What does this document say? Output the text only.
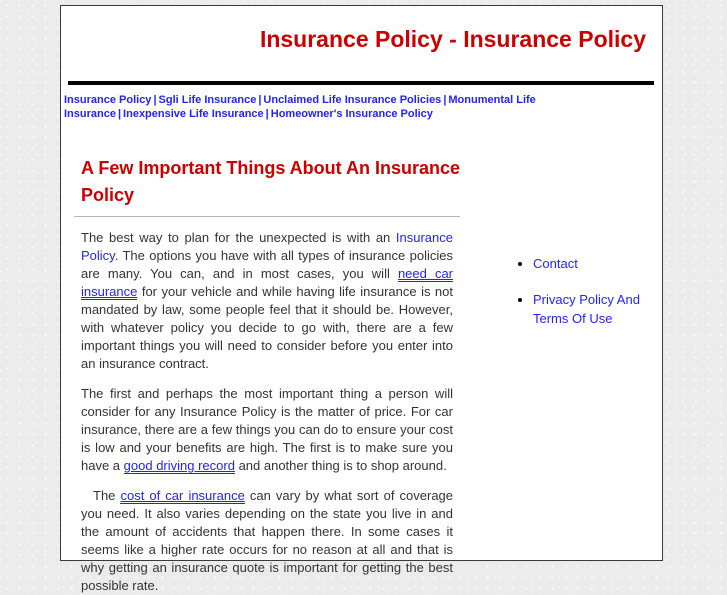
Insurance Policy - Insurance Policy
Insurance Policy | Sgli Life Insurance | Unclaimed Life Insurance Policies | Monumental Life Insurance | Inexpensive Life Insurance | Homeowner's Insurance Policy
A Few Important Things About An Insurance Policy

The best way to plan for the unexpected is with an Insurance Policy. The options you have with all types of insurance policies are many. You can, and in most cases, you will need car insurance for your vehicle and while having life insurance is not mandated by law, some people feel that it should be. However, with whatever policy you decide to go with, there are a few important things you will need to consider before you enter into an insurance contract.

The first and perhaps the most important thing a person will consider for any Insurance Policy is the matter of price. For car insurance, there are a few things you can do to ensure your cost is low and your benefits are high. The first is to make sure you have a good driving record and another thing is to shop around.

The cost of car insurance can vary by what sort of coverage you need. It also varies depending on the state you live in and the amount of accidents that happen there. In some cases it seems like a higher rate occurs for no reason at all and that is why getting an insurance quote is important for getting the best possible rate.

• Contact
• Privacy Policy And Terms Of Use
